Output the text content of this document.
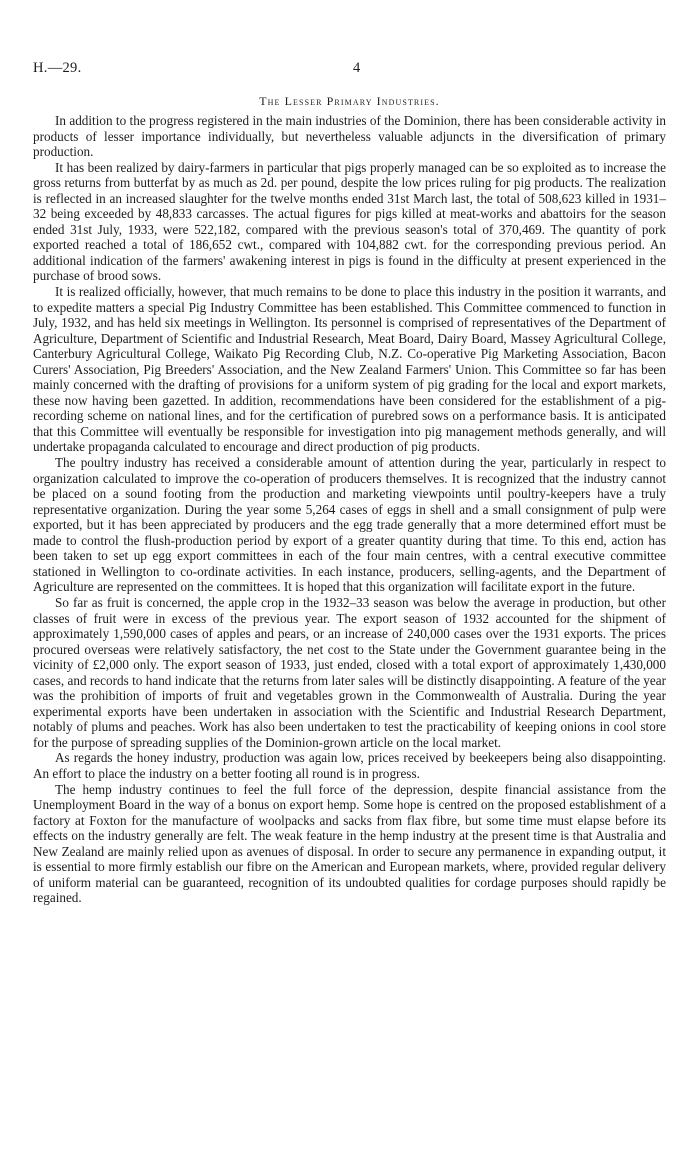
H.—29.	4
The Lesser Primary Industries.

In addition to the progress registered in the main industries of the Dominion, there has been considerable activity in products of lesser importance individually, but nevertheless valuable adjuncts in the diversification of primary production.

It has been realized by dairy-farmers in particular that pigs properly managed can be so exploited as to increase the gross returns from butterfat by as much as 2d. per pound, despite the low prices ruling for pig products. The realization is reflected in an increased slaughter for the twelve months ended 31st March last, the total of 508,623 killed in 1931–32 being exceeded by 48,833 carcasses. The actual figures for pigs killed at meat-works and abattoirs for the season ended 31st July, 1933, were 522,182, compared with the previous season's total of 370,469. The quantity of pork exported reached a total of 186,652 cwt., compared with 104,882 cwt. for the corresponding previous period. An additional indication of the farmers' awakening interest in pigs is found in the difficulty at present experienced in the purchase of brood sows.

It is realized officially, however, that much remains to be done to place this industry in the position it warrants, and to expedite matters a special Pig Industry Committee has been established. This Committee commenced to function in July, 1932, and has held six meetings in Wellington. Its personnel is comprised of representatives of the Department of Agriculture, Department of Scientific and Industrial Research, Meat Board, Dairy Board, Massey Agricultural College, Canterbury Agricultural College, Waikato Pig Recording Club, N.Z. Co-operative Pig Marketing Association, Bacon Curers' Association, Pig Breeders' Association, and the New Zealand Farmers' Union. This Committee so far has been mainly concerned with the drafting of provisions for a uniform system of pig grading for the local and export markets, these now having been gazetted. In addition, recommendations have been considered for the establishment of a pig-recording scheme on national lines, and for the certification of purebred sows on a performance basis. It is anticipated that this Committee will eventually be responsible for investigation into pig management methods generally, and will undertake propaganda calculated to encourage and direct production of pig products.

The poultry industry has received a considerable amount of attention during the year, particularly in respect to organization calculated to improve the co-operation of producers themselves. It is recognized that the industry cannot be placed on a sound footing from the production and marketing viewpoints until poultry-keepers have a truly representative organization. During the year some 5,264 cases of eggs in shell and a small consignment of pulp were exported, but it has been appreciated by producers and the egg trade generally that a more determined effort must be made to control the flush-production period by export of a greater quantity during that time. To this end, action has been taken to set up egg export committees in each of the four main centres, with a central executive committee stationed in Wellington to co-ordinate activities. In each instance, producers, selling-agents, and the Department of Agriculture are represented on the committees. It is hoped that this organization will facilitate export in the future.

So far as fruit is concerned, the apple crop in the 1932–33 season was below the average in production, but other classes of fruit were in excess of the previous year. The export season of 1932 accounted for the shipment of approximately 1,590,000 cases of apples and pears, or an increase of 240,000 cases over the 1931 exports. The prices procured overseas were relatively satisfactory, the net cost to the State under the Government guarantee being in the vicinity of £2,000 only. The export season of 1933, just ended, closed with a total export of approximately 1,430,000 cases, and records to hand indicate that the returns from later sales will be distinctly disappointing. A feature of the year was the prohibition of imports of fruit and vegetables grown in the Commonwealth of Australia. During the year experimental exports have been undertaken in association with the Scientific and Industrial Research Department, notably of plums and peaches. Work has also been undertaken to test the practicability of keeping onions in cool store for the purpose of spreading supplies of the Dominion-grown article on the local market.

As regards the honey industry, production was again low, prices received by beekeepers being also disappointing. An effort to place the industry on a better footing all round is in progress.

The hemp industry continues to feel the full force of the depression, despite financial assistance from the Unemployment Board in the way of a bonus on export hemp. Some hope is centred on the proposed establishment of a factory at Foxton for the manufacture of woolpacks and sacks from flax fibre, but some time must elapse before its effects on the industry generally are felt. The weak feature in the hemp industry at the present time is that Australia and New Zealand are mainly relied upon as avenues of disposal. In order to secure any permanence in expanding output, it is essential to more firmly establish our fibre on the American and European markets, where, provided regular delivery of uniform material can be guaranteed, recognition of its undoubted qualities for cordage purposes should rapidly be regained.
